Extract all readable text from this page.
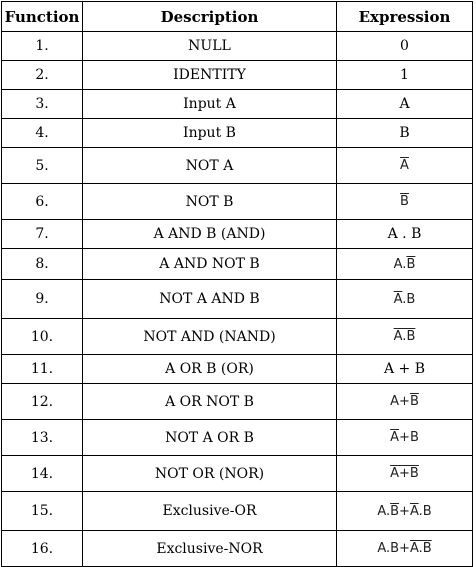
Function	Description	Expression
1.	NULL	0
2.	IDENTITY	1
3.	Input A	A
4.	Input B	B
5.	NOT A	$\overline{A}$
6.	NOT B	$\overline{B}$
7.	A AND B (AND)	A . B
8.	A AND NOT B	$A.\overline{B}$
9.	NOT A AND B	$\overline{A}.B$
10.	NOT AND (NAND)	A.B
11.	A OR B (OR)	A + B
12.	A OR NOT B	$A+\overline{B}$
13.	NOT A OR B	$\overline{A}+B$
14.	NOT OR (NOR)	A+B
15.	Exclusive-OR	$A.\overline{B}+\overline{A}.B$
16.	Exclusive-NOR	A.B+A.B
